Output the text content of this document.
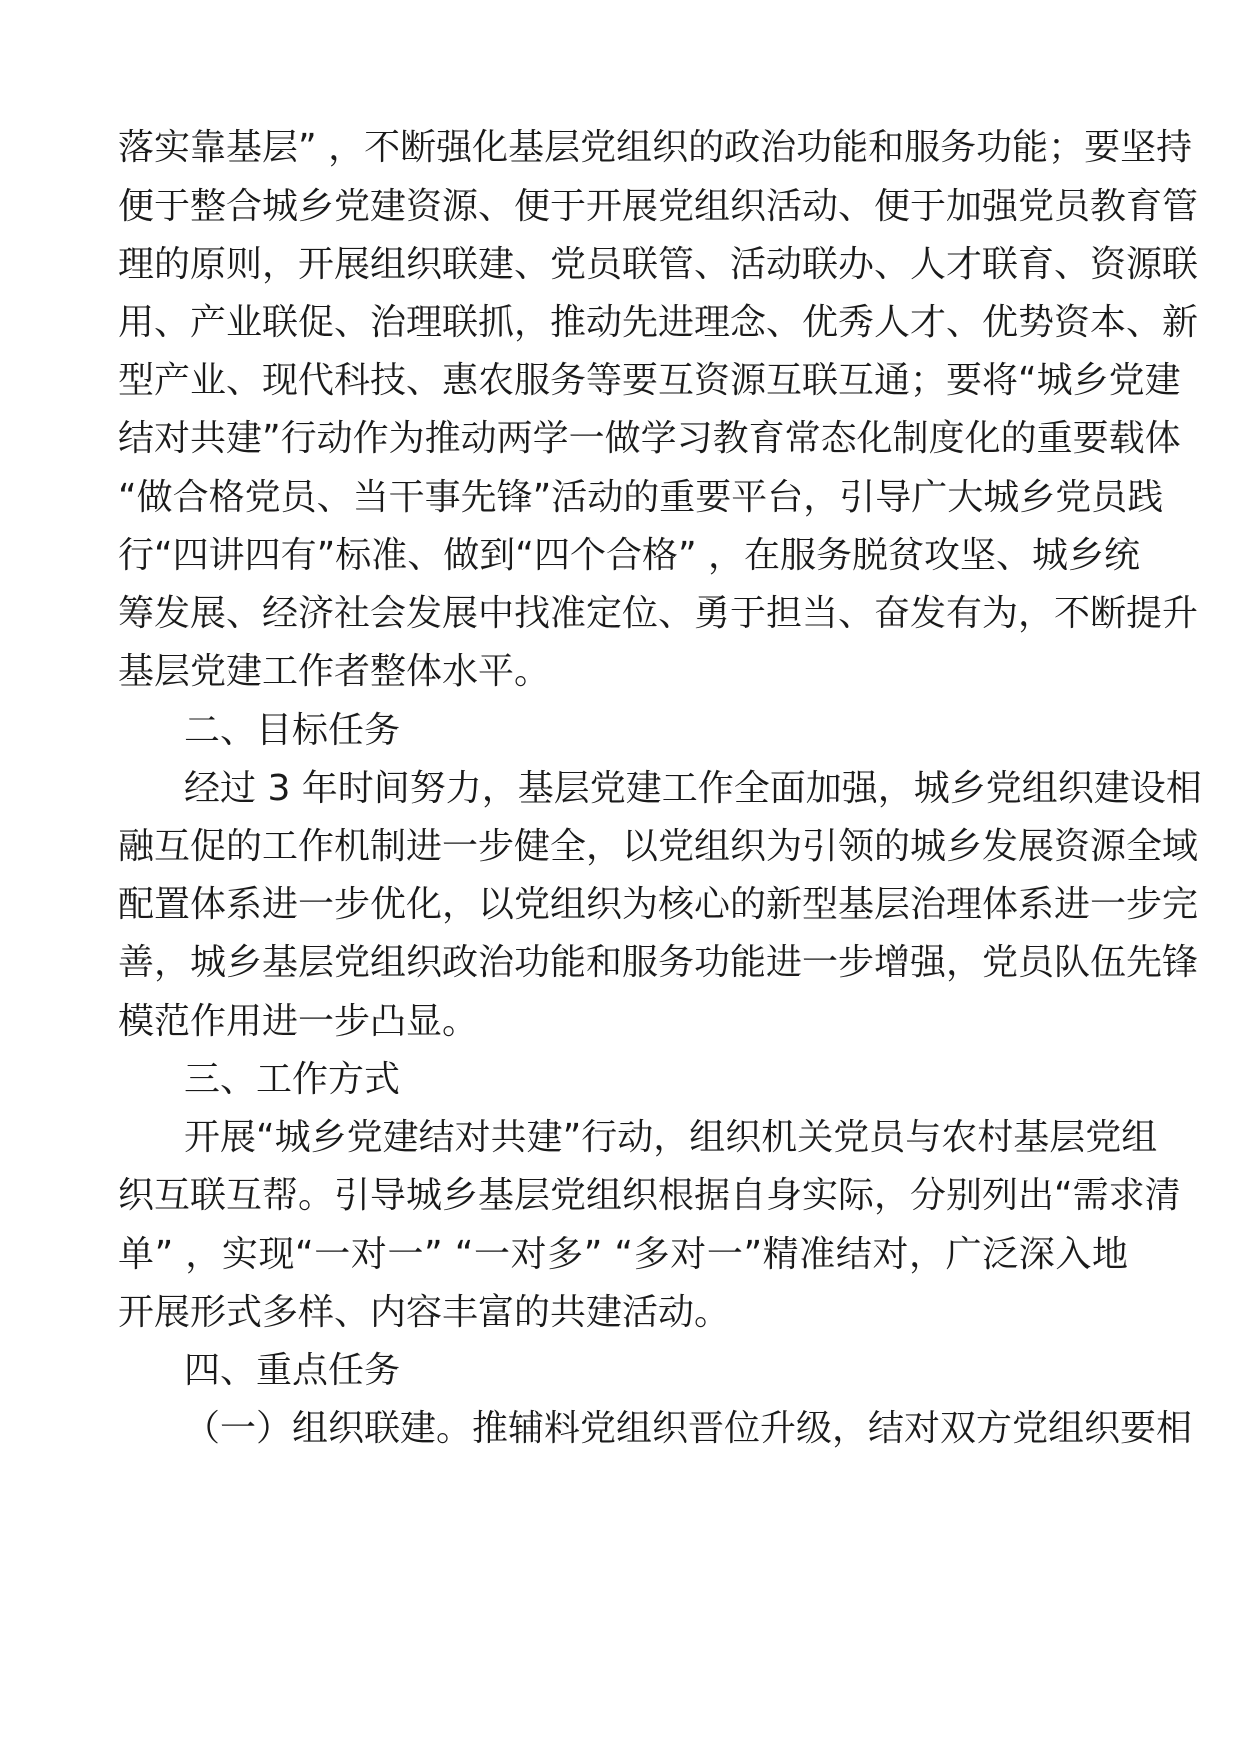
落实靠基层” ，不断强化基层党组织的政治功能和服务功能；要坚持
便于整合城乡党建资源、便于开展党组织活动、便于加强党员教育管
理的原则，开展组织联建、党员联管、活动联办、人才联育、资源联
用、产业联促、治理联抓，推动先进理念、优秀人才、优势资本、新
型产业、现代科技、惠农服务等要互资源互联互通；要将“城乡党建
结对共建”行动作为推动两学一做学习教育常态化制度化的重要载体
“做合格党员、当干事先锋”活动的重要平台，引导广大城乡党员践
行“四讲四有”标准、做到“四个合格” ，在服务脱贫攻坚、城乡统
筹发展、经济社会发展中找准定位、勇于担当、奋发有为，不断提升
基层党建工作者整体水平。
二、目标任务
经过 3 年时间努力，基层党建工作全面加强，城乡党组织建设相
融互促的工作机制进一步健全，以党组织为引领的城乡发展资源全域
配置体系进一步优化，以党组织为核心的新型基层治理体系进一步完
善，城乡基层党组织政治功能和服务功能进一步增强，党员队伍先锋
模范作用进一步凸显。
三、工作方式
开展“城乡党建结对共建”行动，组织机关党员与农村基层党组
织互联互帮。引导城乡基层党组织根据自身实际，分别列出“需求清
单” ，实现“一对一” “一对多” “多对一”精准结对，广泛深入地
开展形式多样、内容丰富的共建活动。
四、重点任务
（一）组织联建。推辅料党组织晋位升级，结对双方党组织要相
